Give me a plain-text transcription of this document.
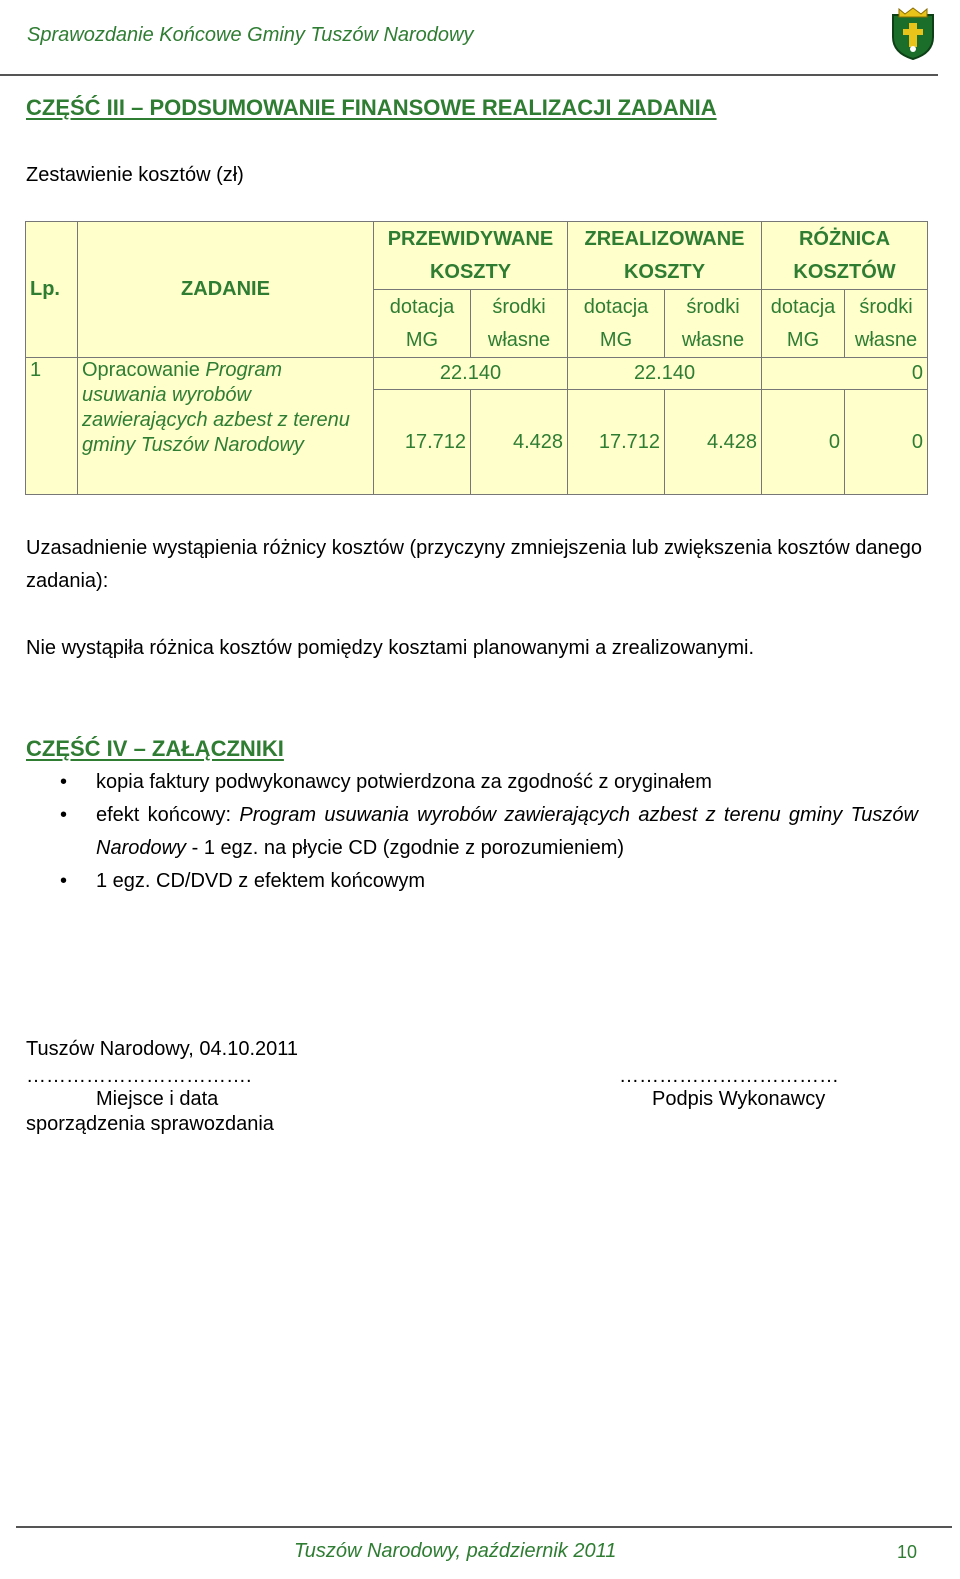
Sprawozdanie Końcowe Gminy Tuszów Narodowy
CZĘŚĆ III – PODSUMOWANIE FINANSOWE REALIZACJI ZADANIA
Zestawienie kosztów (zł)
Lp.	ZADANIE	PRZEWIDYWANE KOSZTY		ZREALIZOWANE KOSZTY		RÓŻNICA KOSZTÓW	
		dotacja MG	środki własne	dotacja MG	środki własne	dotacja MG	środki własne
1	Opracowanie Program usuwania wyrobów zawierających azbest z terenu gminy Tuszów Narodowy	22.140		22.140		0	
		17.712	4.428	17.712	4.428	0	0
Uzasadnienie wystąpienia różnicy kosztów (przyczyny zmniejszenia lub zwiększenia kosztów danego zadania):
Nie wystąpiła różnica kosztów pomiędzy kosztami planowanymi a zrealizowanymi.
CZĘŚĆ IV – ZAŁĄCZNIKI
• kopia faktury podwykonawcy potwierdzona za zgodność z oryginałem
• efekt końcowy: Program usuwania wyrobów zawierających azbest z terenu gminy Tuszów Narodowy - 1 egz. na płycie CD (zgodnie z porozumieniem)
• 1 egz. CD/DVD z efektem końcowym
Tuszów Narodowy, 04.10.2011
…………………………….
Miejsce i data
sporządzenia sprawozdania
……………………………
Podpis Wykonawcy
Tuszów Narodowy, październik 2011	10
